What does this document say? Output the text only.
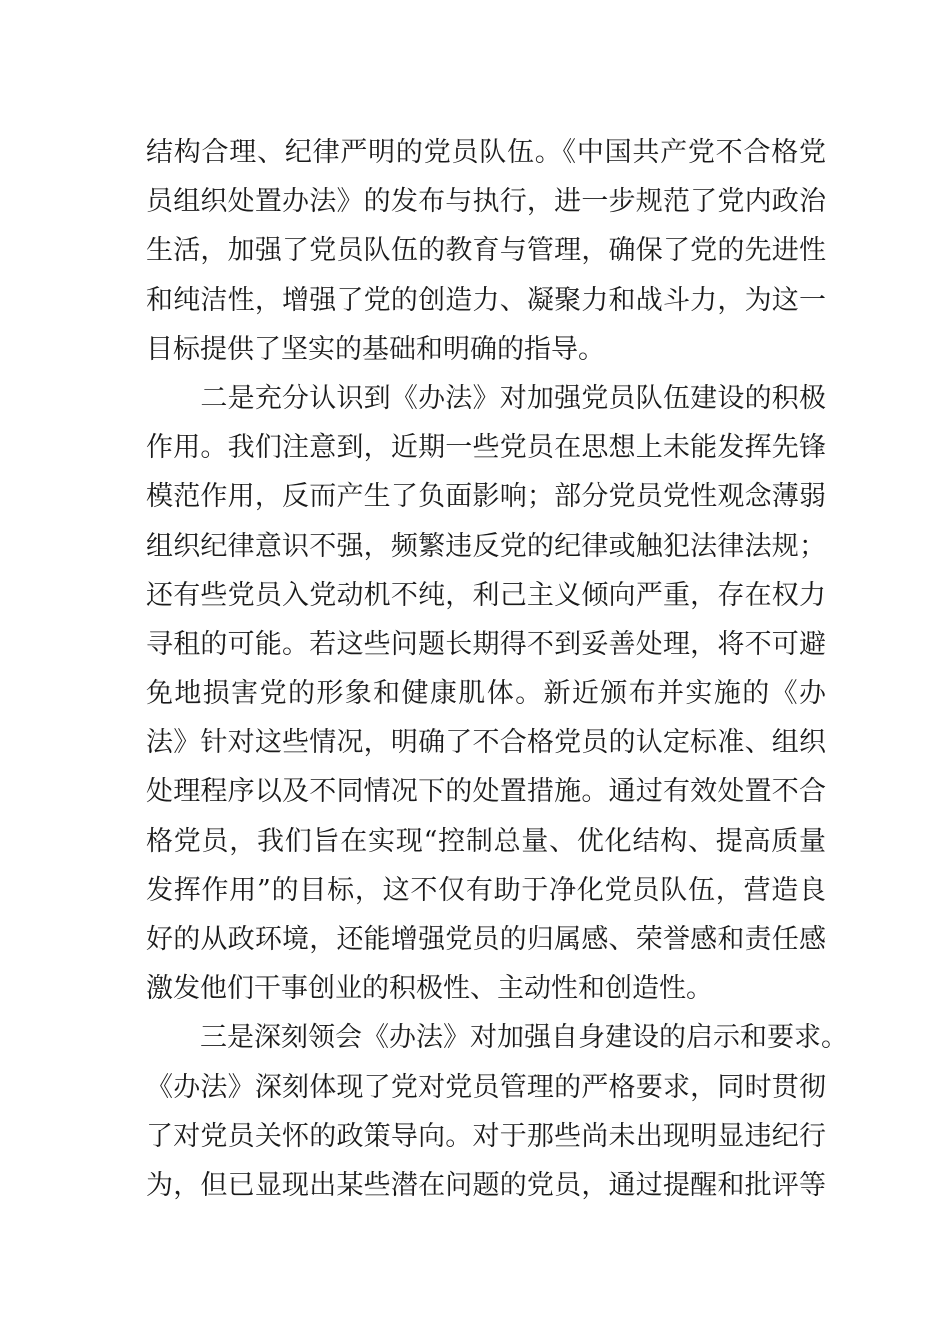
结构合理、纪律严明的党员队伍。《中国共产党不合格党
员组织处置办法》的发布与执行，进一步规范了党内政治
生活，加强了党员队伍的教育与管理，确保了党的先进性
和纯洁性，增强了党的创造力、凝聚力和战斗力，为这一
目标提供了坚实的基础和明确的指导。
　　二是充分认识到《办法》对加强党员队伍建设的积极
作用。我们注意到，近期一些党员在思想上未能发挥先锋
模范作用，反而产生了负面影响；部分党员党性观念薄弱
组织纪律意识不强，频繁违反党的纪律或触犯法律法规；
还有些党员入党动机不纯，利己主义倾向严重，存在权力
寻租的可能。若这些问题长期得不到妥善处理，将不可避
免地损害党的形象和健康肌体。新近颁布并实施的《办
法》针对这些情况，明确了不合格党员的认定标准、组织
处理程序以及不同情况下的处置措施。通过有效处置不合
格党员，我们旨在实现“控制总量、优化结构、提高质量
发挥作用”的目标，这不仅有助于净化党员队伍，营造良
好的从政环境，还能增强党员的归属感、荣誉感和责任感
激发他们干事创业的积极性、主动性和创造性。
　　三是深刻领会《办法》对加强自身建设的启示和要求。
《办法》深刻体现了党对党员管理的严格要求，同时贯彻
了对党员关怀的政策导向。对于那些尚未出现明显违纪行
为，但已显现出某些潜在问题的党员，通过提醒和批评等
